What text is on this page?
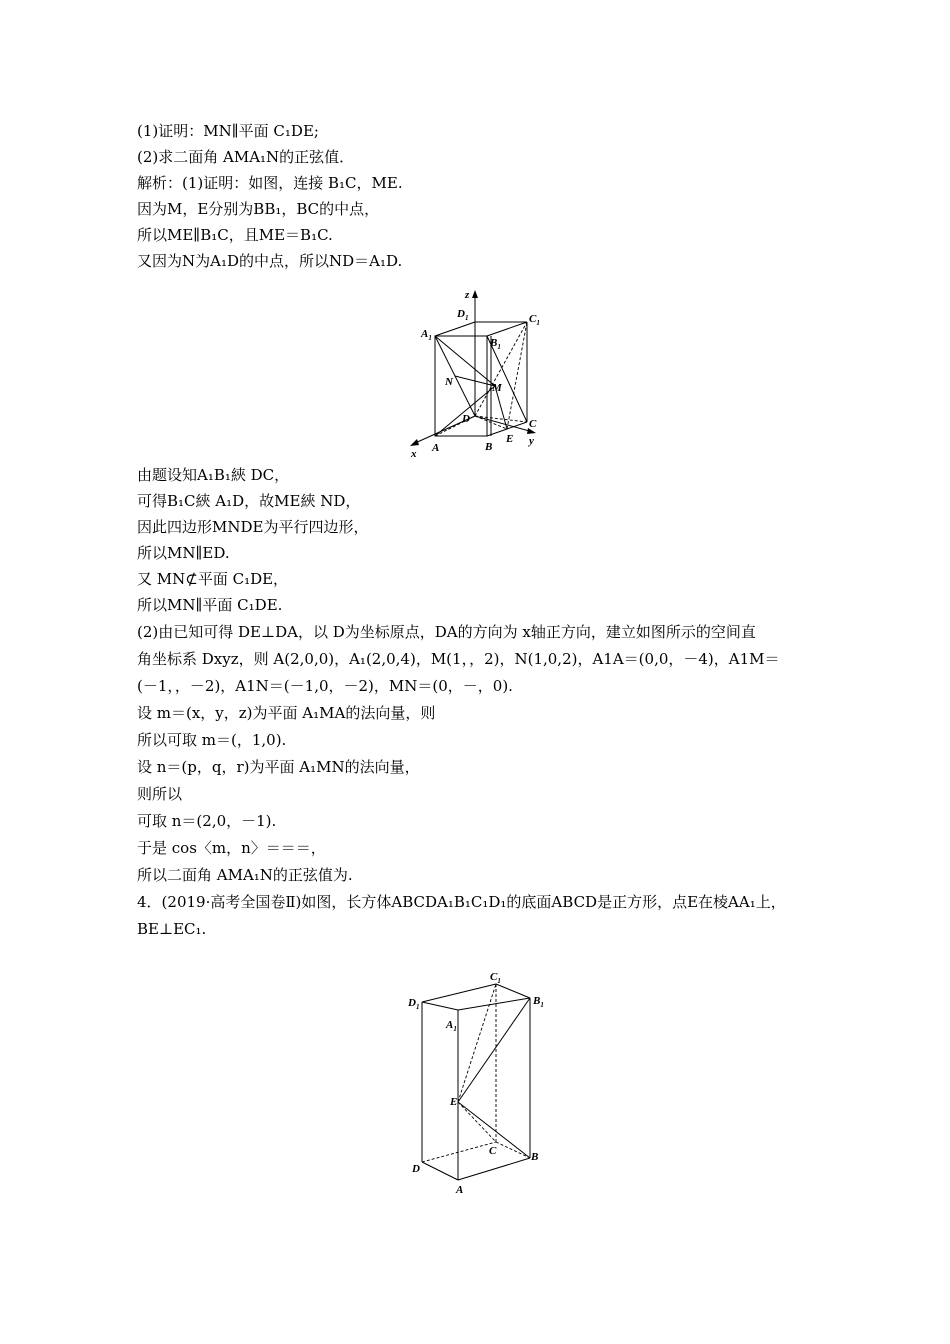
(1)证明：MN∥平面 C₁DE;
(2)求二面角 AMA₁N的正弦值．
解析：(1)证明：如图，连接 B₁C，ME.
因为M，E分别为BB₁，BC的中点，
所以ME∥B₁C，且ME＝B₁C.
又因为N为A₁D的中点，所以ND＝A₁D.
z
y
x
$D_1$	$C_1$
$A_1$	$B_1$
N	M
D	C
E
A	B
由题设知A₁B₁綊 DC，
可得B₁C綊 A₁D，故ME綊 ND，
因此四边形MNDE为平行四边形，
所以MN∥ED.
又 MN⊄平面 C₁DE，
所以MN∥平面 C₁DE.
(2)由已知可得 DE⊥DA，以 D为坐标原点，DA的方向为 x轴正方向，建立如图所示的空间直
角坐标系 Dxyz，则 A(2,0,0)，A₁(2,0,4)，M(1，，2)，N(1,0,2)，A1A＝(0,0，－4)，A1M＝
(－1，，－2)，A1N＝(－1,0，－2)，MN＝(0，－，0).
设 m＝(x，y，z)为平面 A₁MA的法向量，则
所以可取 m＝(，1,0).
设 n＝(p，q，r)为平面 A₁MN的法向量，
则所以
可取 n＝(2,0，－1).
于是 cos〈m，n〉＝＝＝，
所以二面角 AMA₁N的正弦值为.
4．(2019·高考全国卷Ⅱ)如图，长方体ABCDA₁B₁C₁D₁的底面ABCD是正方形，点E在棱AA₁上，
BE⊥EC₁.
$C_1$
$D_1$	$B_1$
$A_1$
E
C	B
D
A
